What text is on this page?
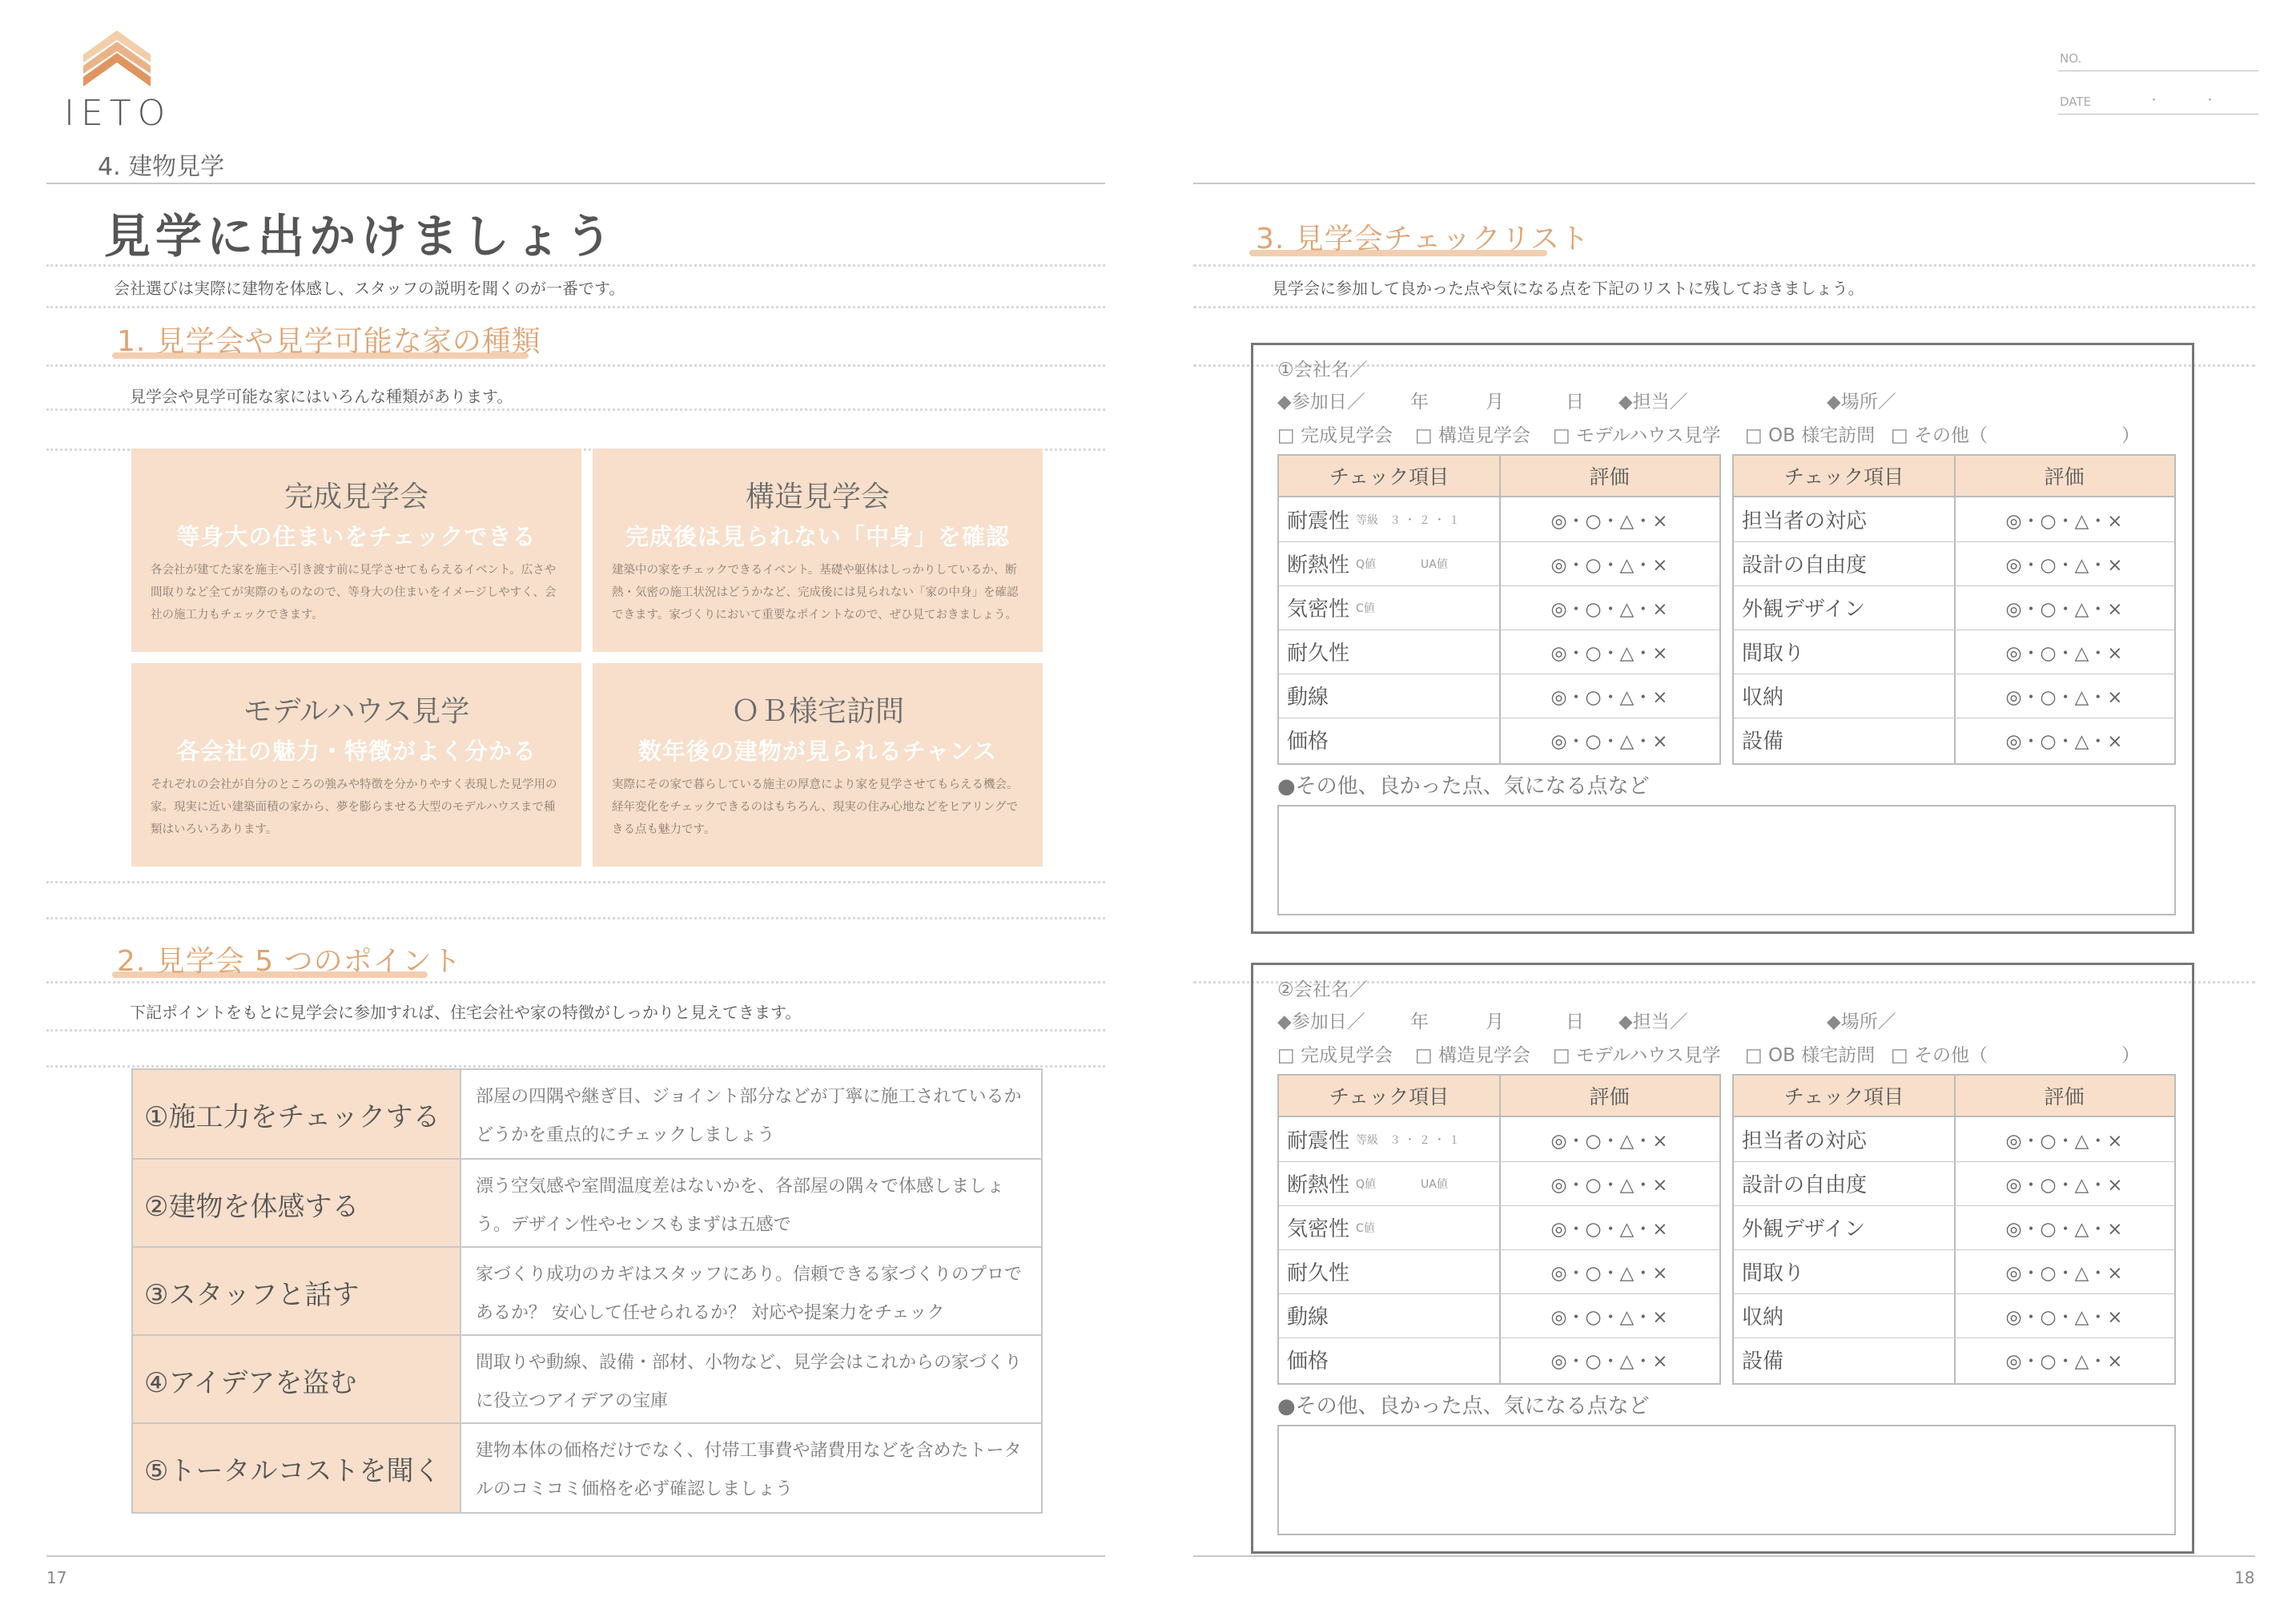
IETO
4. 建物見学
見学に出かけましょう
会社選びは実際に建物を体感し、スタッフの説明を聞くのが一番です。
1. 見学会や見学可能な家の種類
見学会や見学可能な家にはいろんな種類があります。
完成見学会
等身大の住まいをチェックできる
各会社が建てた家を施主へ引き渡す前に見学させてもらえるイベント。広さや間取りなど全てが実際のものなので、等身大の住まいをイメージしやすく、会社の施工力もチェックできます。
構造見学会
完成後は見られない「中身」を確認
建築中の家をチェックできるイベント。基礎や躯体はしっかりしているか、断熱・気密の施工状況はどうかなど、完成後には見られない「家の中身」を確認できます。家づくりにおいて重要なポイントなので、ぜひ見ておきましょう。
モデルハウス見学
各会社の魅力・特徴がよく分かる
それぞれの会社が自分のところの強みや特徴を分かりやすく表現した見学用の家。現実に近い建築面積の家から、夢を膨らませる大型のモデルハウスまで種類はいろいろあります。
ＯＢ様宅訪問
数年後の建物が見られるチャンス
実際にその家で暮らしている施主の厚意により家を見学させてもらえる機会。経年変化をチェックできるのはもちろん、現実の住み心地などをヒアリングできる点も魅力です。
2. 見学会 5 つのポイント
下記ポイントをもとに見学会に参加すれば、住宅会社や家の特徴がしっかりと見えてきます。
①施工力をチェックする
部屋の四隅や継ぎ目、ジョイント部分などが丁寧に施工されているかどうかを重点的にチェックしましょう
②建物を体感する
漂う空気感や室間温度差はないかを、各部屋の隅々で体感しましょう。デザイン性やセンスもまずは五感で
③スタッフと話す
家づくり成功のカギはスタッフにあり。信頼できる家づくりのプロであるか？ 安心して任せられるか？ 対応や提案力をチェック
④アイデアを盗む
間取りや動線、設備・部材、小物など、見学会はこれからの家づくりに役立つアイデアの宝庫
⑤トータルコストを聞く
建物本体の価格だけでなく、付帯工事費や諸費用などを含めたトータルのコミコミ価格を必ず確認しましょう
17
NO.
DATE	・	・
3. 見学会チェックリスト
見学会に参加して良かった点や気になる点を下記のリストに残しておきましょう。
①会社名／
◆参加日／ 年	月	日 ◆担当／	◆場所／
□ 完成見学会 □ 構造見学会 □ モデルハウス見学 □ OB 様宅訪問 □ その他（	）
チェック項目	評価
耐震性 等級　３ ・ ２ ・ １	◎・○・△・×
断熱性 Q値　　　　UA値	◎・○・△・×
気密性 C値	◎・○・△・×
耐久性	◎・○・△・×
動線	◎・○・△・×
価格	◎・○・△・×
チェック項目	評価
担当者の対応	◎・○・△・×
設計の自由度	◎・○・△・×
外観デザイン	◎・○・△・×
間取り	◎・○・△・×
収納	◎・○・△・×
設備	◎・○・△・×
●その他、良かった点、気になる点など
②会社名／
◆参加日／ 年	月	日 ◆担当／	◆場所／
□ 完成見学会 □ 構造見学会 □ モデルハウス見学 □ OB 様宅訪問 □ その他（	）
チェック項目	評価
耐震性 等級　３ ・ ２ ・ １	◎・○・△・×
断熱性 Q値　　　　UA値	◎・○・△・×
気密性 C値	◎・○・△・×
耐久性	◎・○・△・×
動線	◎・○・△・×
価格	◎・○・△・×
チェック項目	評価
担当者の対応	◎・○・△・×
設計の自由度	◎・○・△・×
外観デザイン	◎・○・△・×
間取り	◎・○・△・×
収納	◎・○・△・×
設備	◎・○・△・×
●その他、良かった点、気になる点など
18
